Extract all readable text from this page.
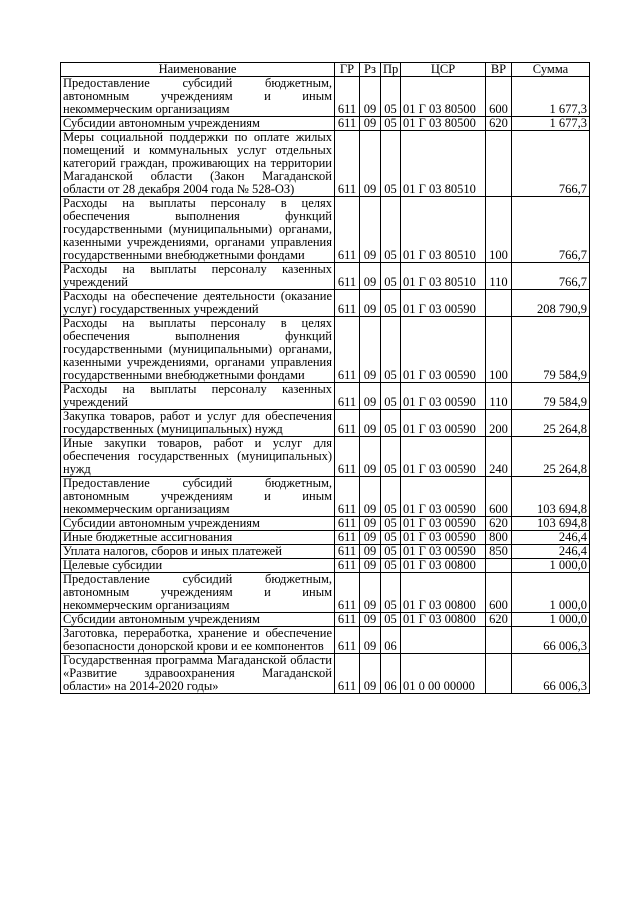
Наименование	ГР	Рз	Пр	ЦСР	ВР	Сумма
Предоставление субсидий бюджетным, автономным учреждениям и иным некоммерческим организациям	611	09	05	01 Г 03 80500	600	1 677,3
Субсидии автономным учреждениям	611	09	05	01 Г 03 80500	620	1 677,3
Меры социальной поддержки по оплате жилых помещений и коммунальных услуг отдельных категорий граждан, проживающих на территории Магаданской области (Закон Магаданской области от 28 декабря 2004 года № 528-ОЗ)	611	09	05	01 Г 03 80510		766,7
Расходы на выплаты персоналу в целях обеспечения выполнения функций государственными (муниципальными) органами, казенными учреждениями, органами управления государственными внебюджетными фондами	611	09	05	01 Г 03 80510	100	766,7
Расходы на выплаты персоналу казенных учреждений	611	09	05	01 Г 03 80510	110	766,7
Расходы на обеспечение деятельности (оказание услуг) государственных учреждений	611	09	05	01 Г 03 00590		208 790,9
Расходы на выплаты персоналу в целях обеспечения выполнения функций государственными (муниципальными) органами, казенными учреждениями, органами управления государственными внебюджетными фондами	611	09	05	01 Г 03 00590	100	79 584,9
Расходы на выплаты персоналу казенных учреждений	611	09	05	01 Г 03 00590	110	79 584,9
Закупка товаров, работ и услуг для обеспечения государственных (муниципальных) нужд	611	09	05	01 Г 03 00590	200	25 264,8
Иные закупки товаров, работ и услуг для обеспечения государственных (муниципальных) нужд	611	09	05	01 Г 03 00590	240	25 264,8
Предоставление субсидий бюджетным, автономным учреждениям и иным некоммерческим организациям	611	09	05	01 Г 03 00590	600	103 694,8
Субсидии автономным учреждениям	611	09	05	01 Г 03 00590	620	103 694,8
Иные бюджетные ассигнования	611	09	05	01 Г 03 00590	800	246,4
Уплата налогов, сборов и иных платежей	611	09	05	01 Г 03 00590	850	246,4
Целевые субсидии	611	09	05	01 Г 03 00800		1 000,0
Предоставление субсидий бюджетным, автономным учреждениям и иным некоммерческим организациям	611	09	05	01 Г 03 00800	600	1 000,0
Субсидии автономным учреждениям	611	09	05	01 Г 03 00800	620	1 000,0
Заготовка, переработка, хранение и обеспечение безопасности донорской крови и ее компонентов	611	09	06			66 006,3
Государственная программа Магаданской области «Развитие здравоохранения Магаданской области» на 2014-2020 годы»	611	09	06	01 0 00 00000		66 006,3
